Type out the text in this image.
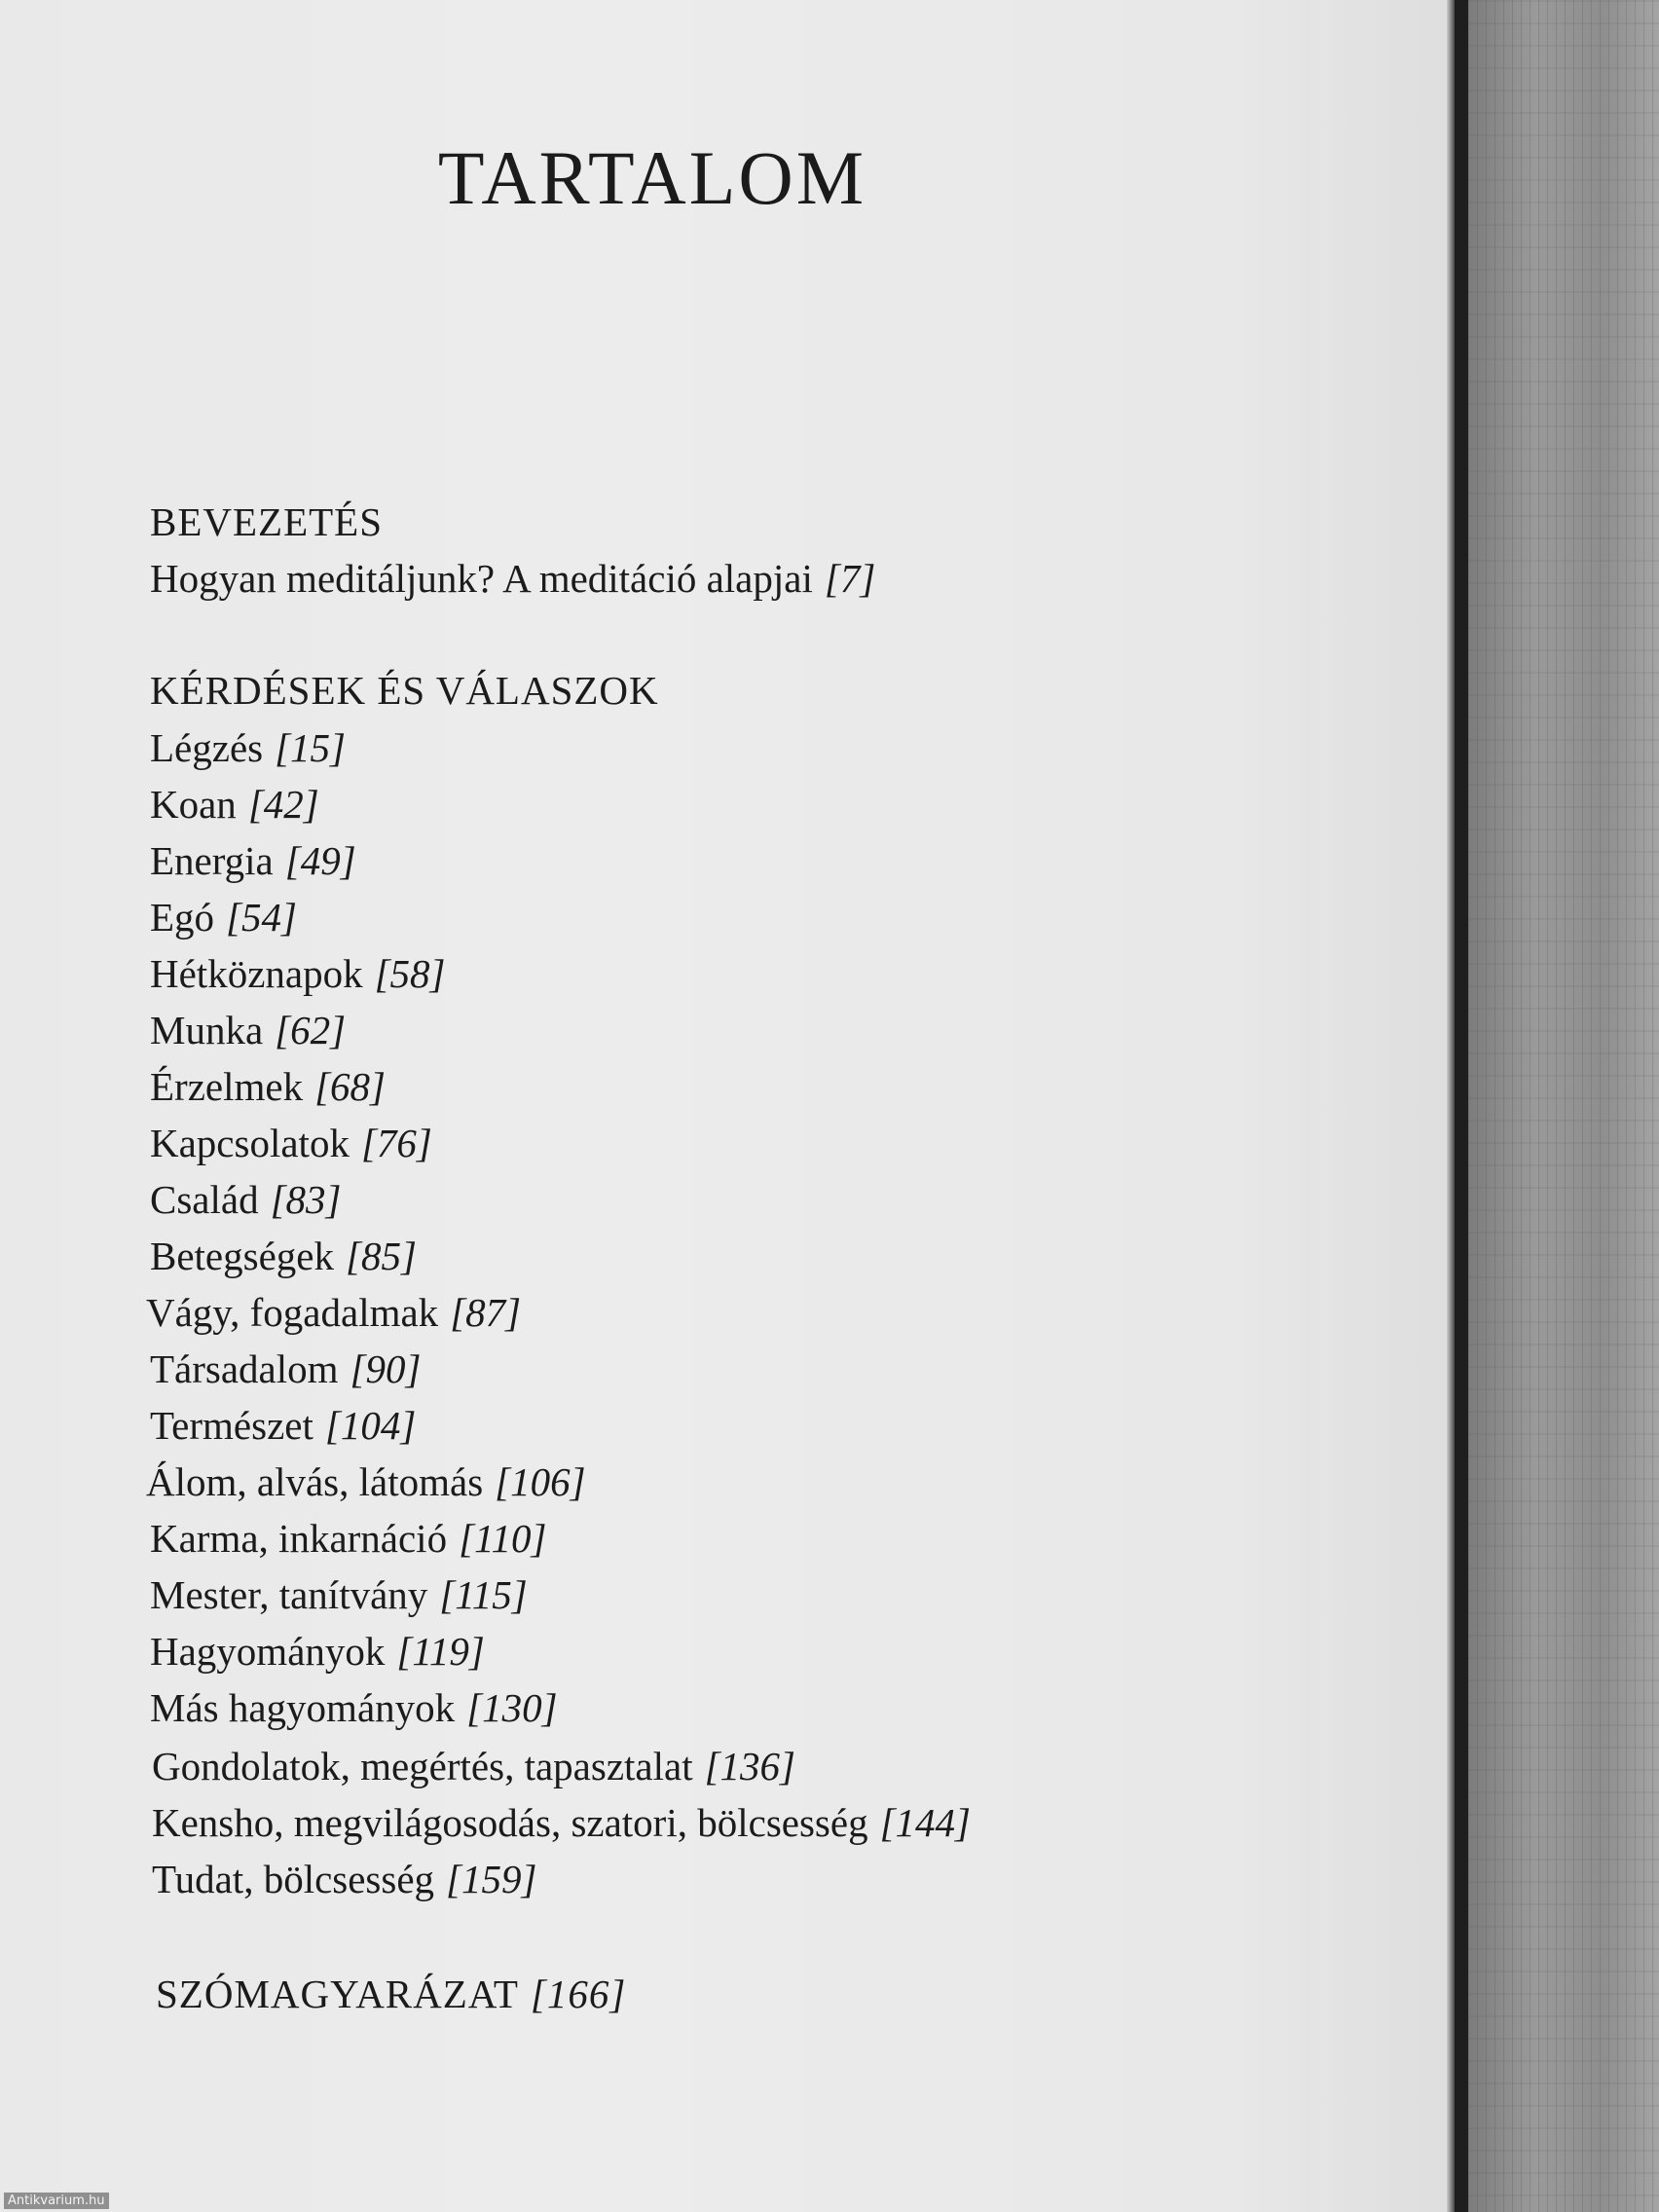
TARTALOM
BEVEZETÉS
Hogyan meditáljunk? A meditáció alapjai [7]
KÉRDÉSEK ÉS VÁLASZOK
Légzés [15]
Koan [42]
Energia [49]
Egó [54]
Hétköznapok [58]
Munka [62]
Érzelmek [68]
Kapcsolatok [76]
Család [83]
Betegségek [85]
Vágy, fogadalmak [87]
Társadalom [90]
Természet [104]
Álom, alvás, látomás [106]
Karma, inkarnáció [110]
Mester, tanítvány [115]
Hagyományok [119]
Más hagyományok [130]
Gondolatok, megértés, tapasztalat [136]
Kensho, megvilágosodás, szatori, bölcsesség [144]
Tudat, bölcsesség [159]
SZÓMAGYARÁZAT [166]
Antikvarium.hu
